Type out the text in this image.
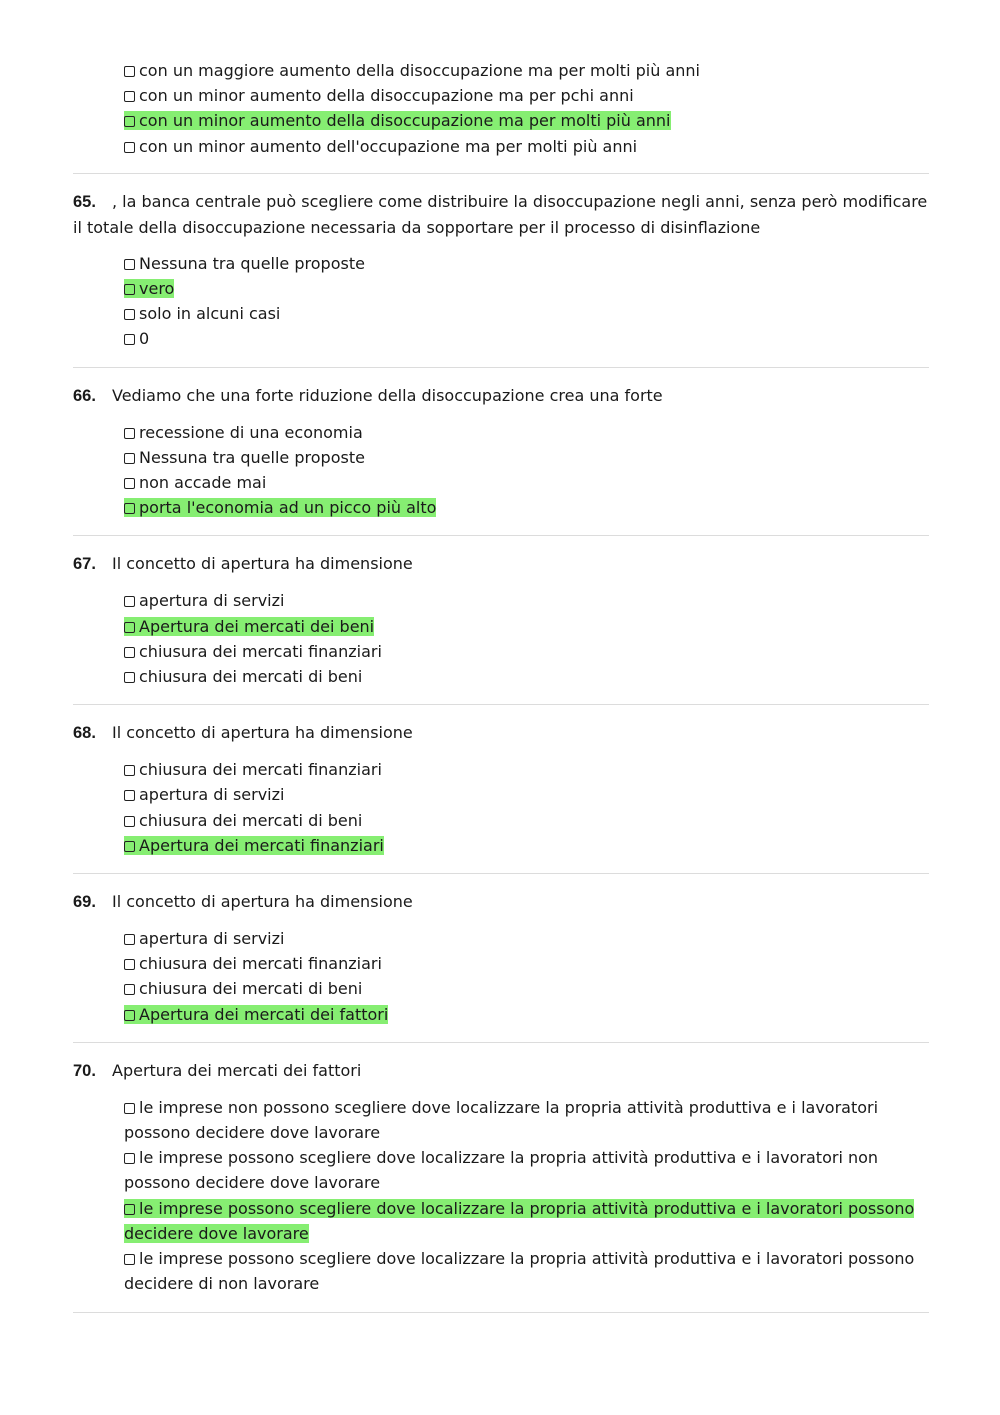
con un maggiore aumento della disoccupazione ma per molti più anni
con un minor aumento della disoccupazione ma per pchi anni
con un minor aumento della disoccupazione ma per molti più anni
con un minor aumento dell'occupazione ma per molti più anni

65. , la banca centrale può scegliere come distribuire la disoccupazione negli anni, senza però modificare il totale della disoccupazione necessaria da sopportare per il processo di disinflazione

Nessuna tra quelle proposte
vero
solo in alcuni casi
0

66. Vediamo che una forte riduzione della disoccupazione crea una forte

recessione di una economia
Nessuna tra quelle proposte
non accade mai
porta l'economia ad un picco più alto

67. Il concetto di apertura ha dimensione

apertura di servizi
Apertura dei mercati dei beni
chiusura dei mercati finanziari
chiusura dei mercati di beni

68. Il concetto di apertura ha dimensione

chiusura dei mercati finanziari
apertura di servizi
chiusura dei mercati di beni
Apertura dei mercati finanziari

69. Il concetto di apertura ha dimensione

apertura di servizi
chiusura dei mercati finanziari
chiusura dei mercati di beni
Apertura dei mercati dei fattori

70. Apertura dei mercati dei fattori

le imprese non possono scegliere dove localizzare la propria attività produttiva e i lavoratori possono decidere dove lavorare
le imprese possono scegliere dove localizzare la propria attività produttiva e i lavoratori non possono decidere dove lavorare
le imprese possono scegliere dove localizzare la propria attività produttiva e i lavoratori possono decidere dove lavorare
le imprese possono scegliere dove localizzare la propria attività produttiva e i lavoratori possono decidere di non lavorare
